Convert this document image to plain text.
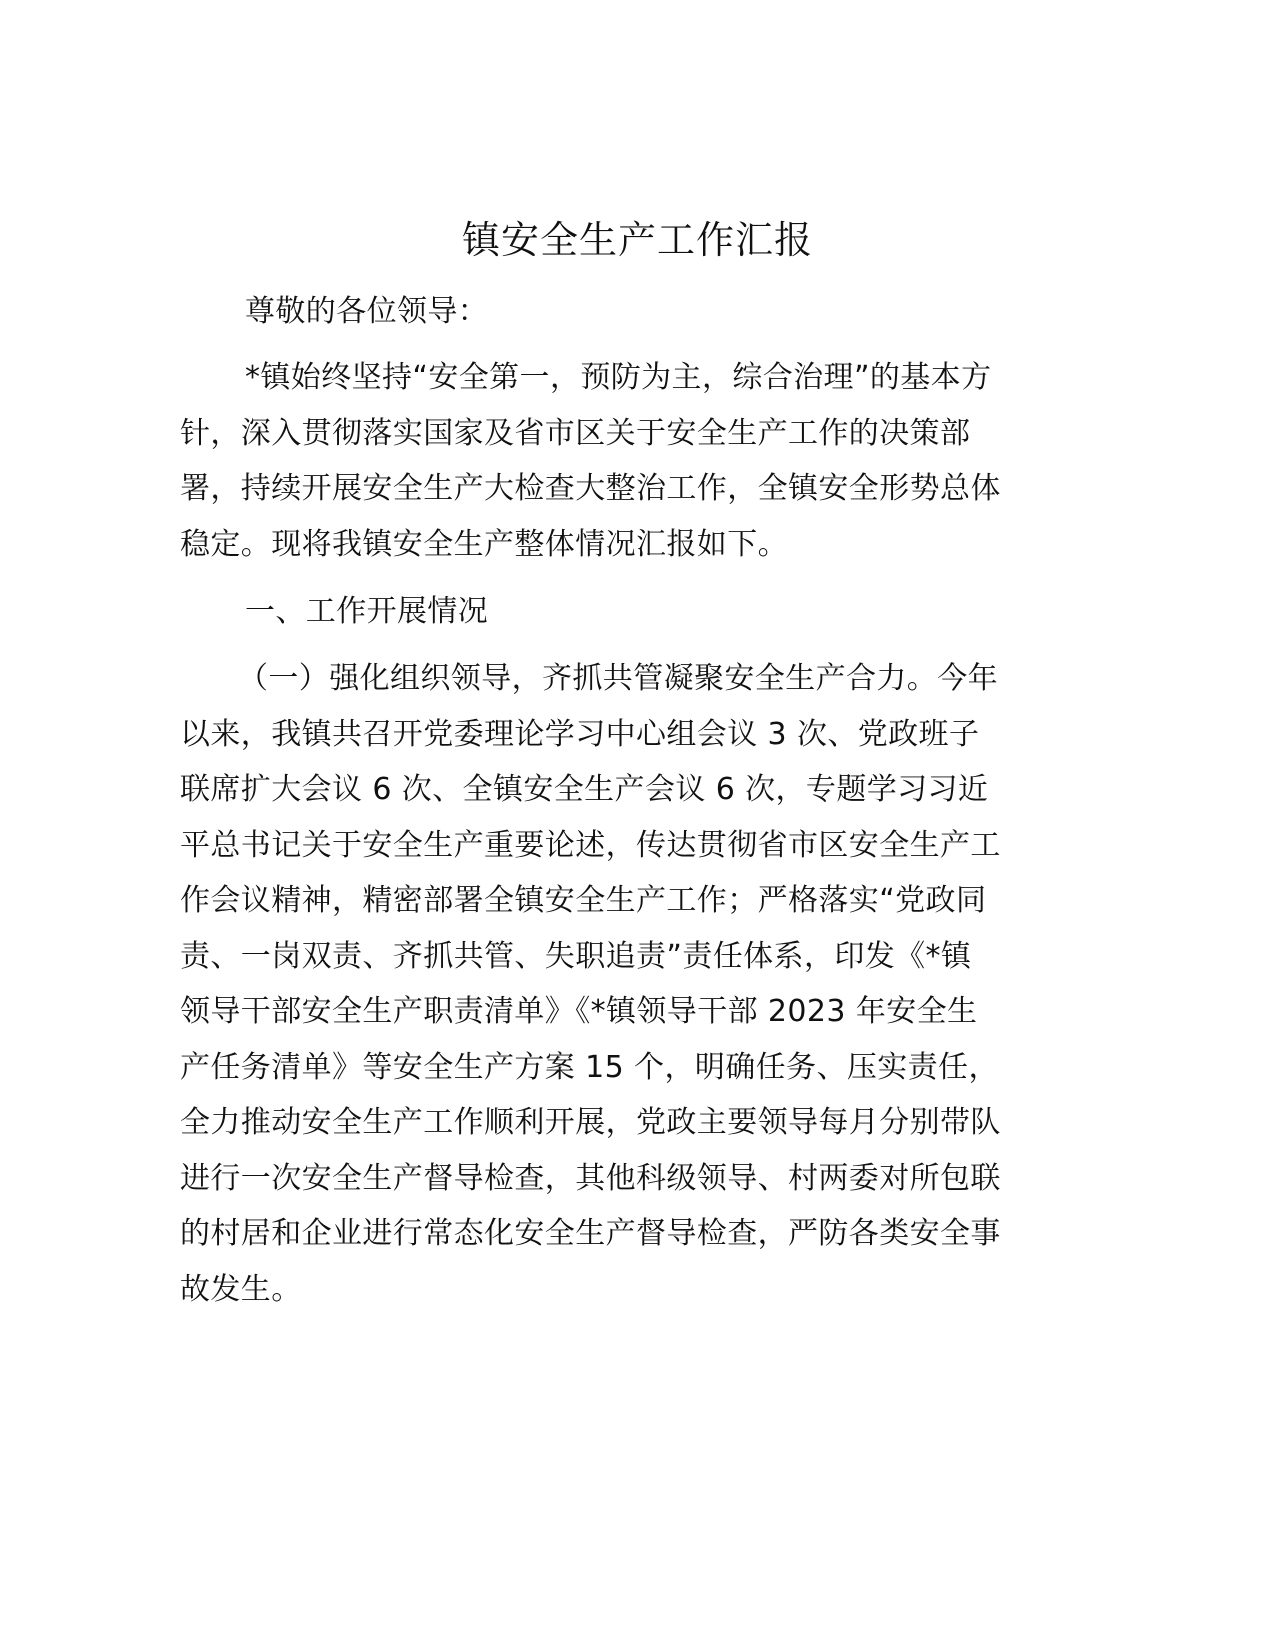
镇安全生产工作汇报
尊敬的各位领导：
*镇始终坚持“安全第一，预防为主，综合治理”的基本方
针，深入贯彻落实国家及省市区关于安全生产工作的决策部
署，持续开展安全生产大检查大整治工作，全镇安全形势总体
稳定。现将我镇安全生产整体情况汇报如下。
一、工作开展情况
（一）强化组织领导，齐抓共管凝聚安全生产合力。今年
以来，我镇共召开党委理论学习中心组会议 3 次、党政班子
联席扩大会议 6 次、全镇安全生产会议 6 次，专题学习习近
平总书记关于安全生产重要论述，传达贯彻省市区安全生产工
作会议精神，精密部署全镇安全生产工作；严格落实“党政同
责、一岗双责、齐抓共管、失职追责”责任体系，印发《*镇
领导干部安全生产职责清单》《*镇领导干部 2023 年安全生
产任务清单》等安全生产方案 15 个，明确任务、压实责任，
全力推动安全生产工作顺利开展，党政主要领导每月分别带队
进行一次安全生产督导检查，其他科级领导、村两委对所包联
的村居和企业进行常态化安全生产督导检查，严防各类安全事
故发生。
